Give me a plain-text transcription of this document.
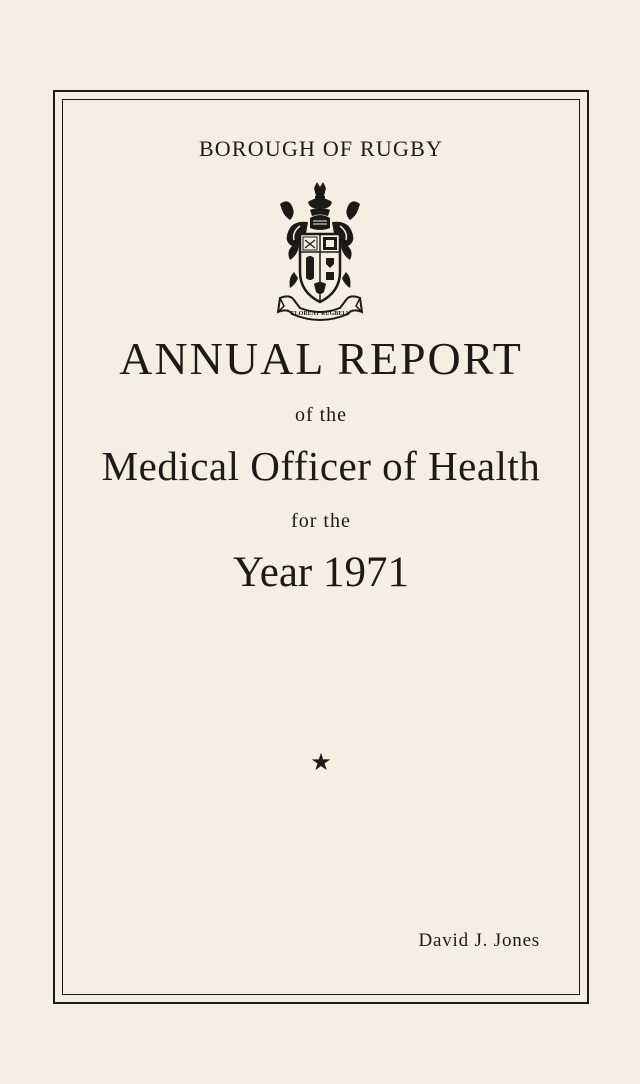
BOROUGH OF RUGBY

FLOREAT RUGBEIA

ANNUAL REPORT

of the

Medical Officer of Health

for the

Year 1971

★

David J. Jones
